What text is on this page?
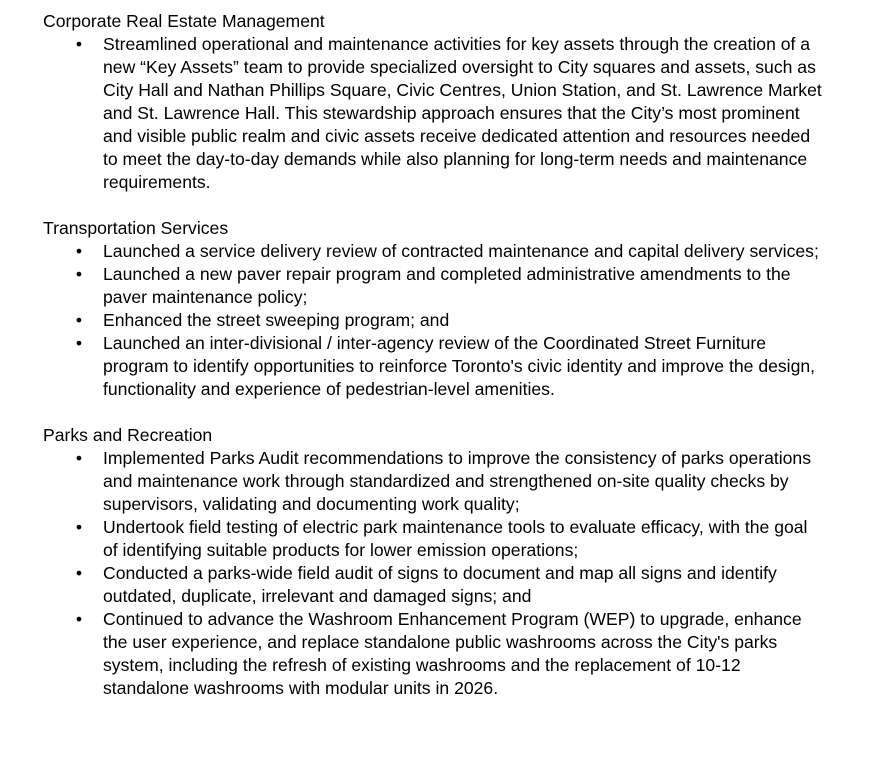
Corporate Real Estate Management

• Streamlined operational and maintenance activities for key assets through the creation of a new “Key Assets” team to provide specialized oversight to City squares and assets, such as City Hall and Nathan Phillips Square, Civic Centres, Union Station, and St. Lawrence Market and St. Lawrence Hall. This stewardship approach ensures that the City’s most prominent and visible public realm and civic assets receive dedicated attention and resources needed to meet the day-to-day demands while also planning for long-term needs and maintenance requirements.

Transportation Services

• Launched a service delivery review of contracted maintenance and capital delivery services;
• Launched a new paver repair program and completed administrative amendments to the paver maintenance policy;
• Enhanced the street sweeping program; and
• Launched an inter-divisional / inter-agency review of the Coordinated Street Furniture program to identify opportunities to reinforce Toronto's civic identity and improve the design, functionality and experience of pedestrian-level amenities.

Parks and Recreation

• Implemented Parks Audit recommendations to improve the consistency of parks operations and maintenance work through standardized and strengthened on-site quality checks by supervisors, validating and documenting work quality;
• Undertook field testing of electric park maintenance tools to evaluate efficacy, with the goal of identifying suitable products for lower emission operations;
• Conducted a parks-wide field audit of signs to document and map all signs and identify outdated, duplicate, irrelevant and damaged signs; and
• Continued to advance the Washroom Enhancement Program (WEP) to upgrade, enhance the user experience, and replace standalone public washrooms across the City's parks system, including the refresh of existing washrooms and the replacement of 10-12 standalone washrooms with modular units in 2026.
